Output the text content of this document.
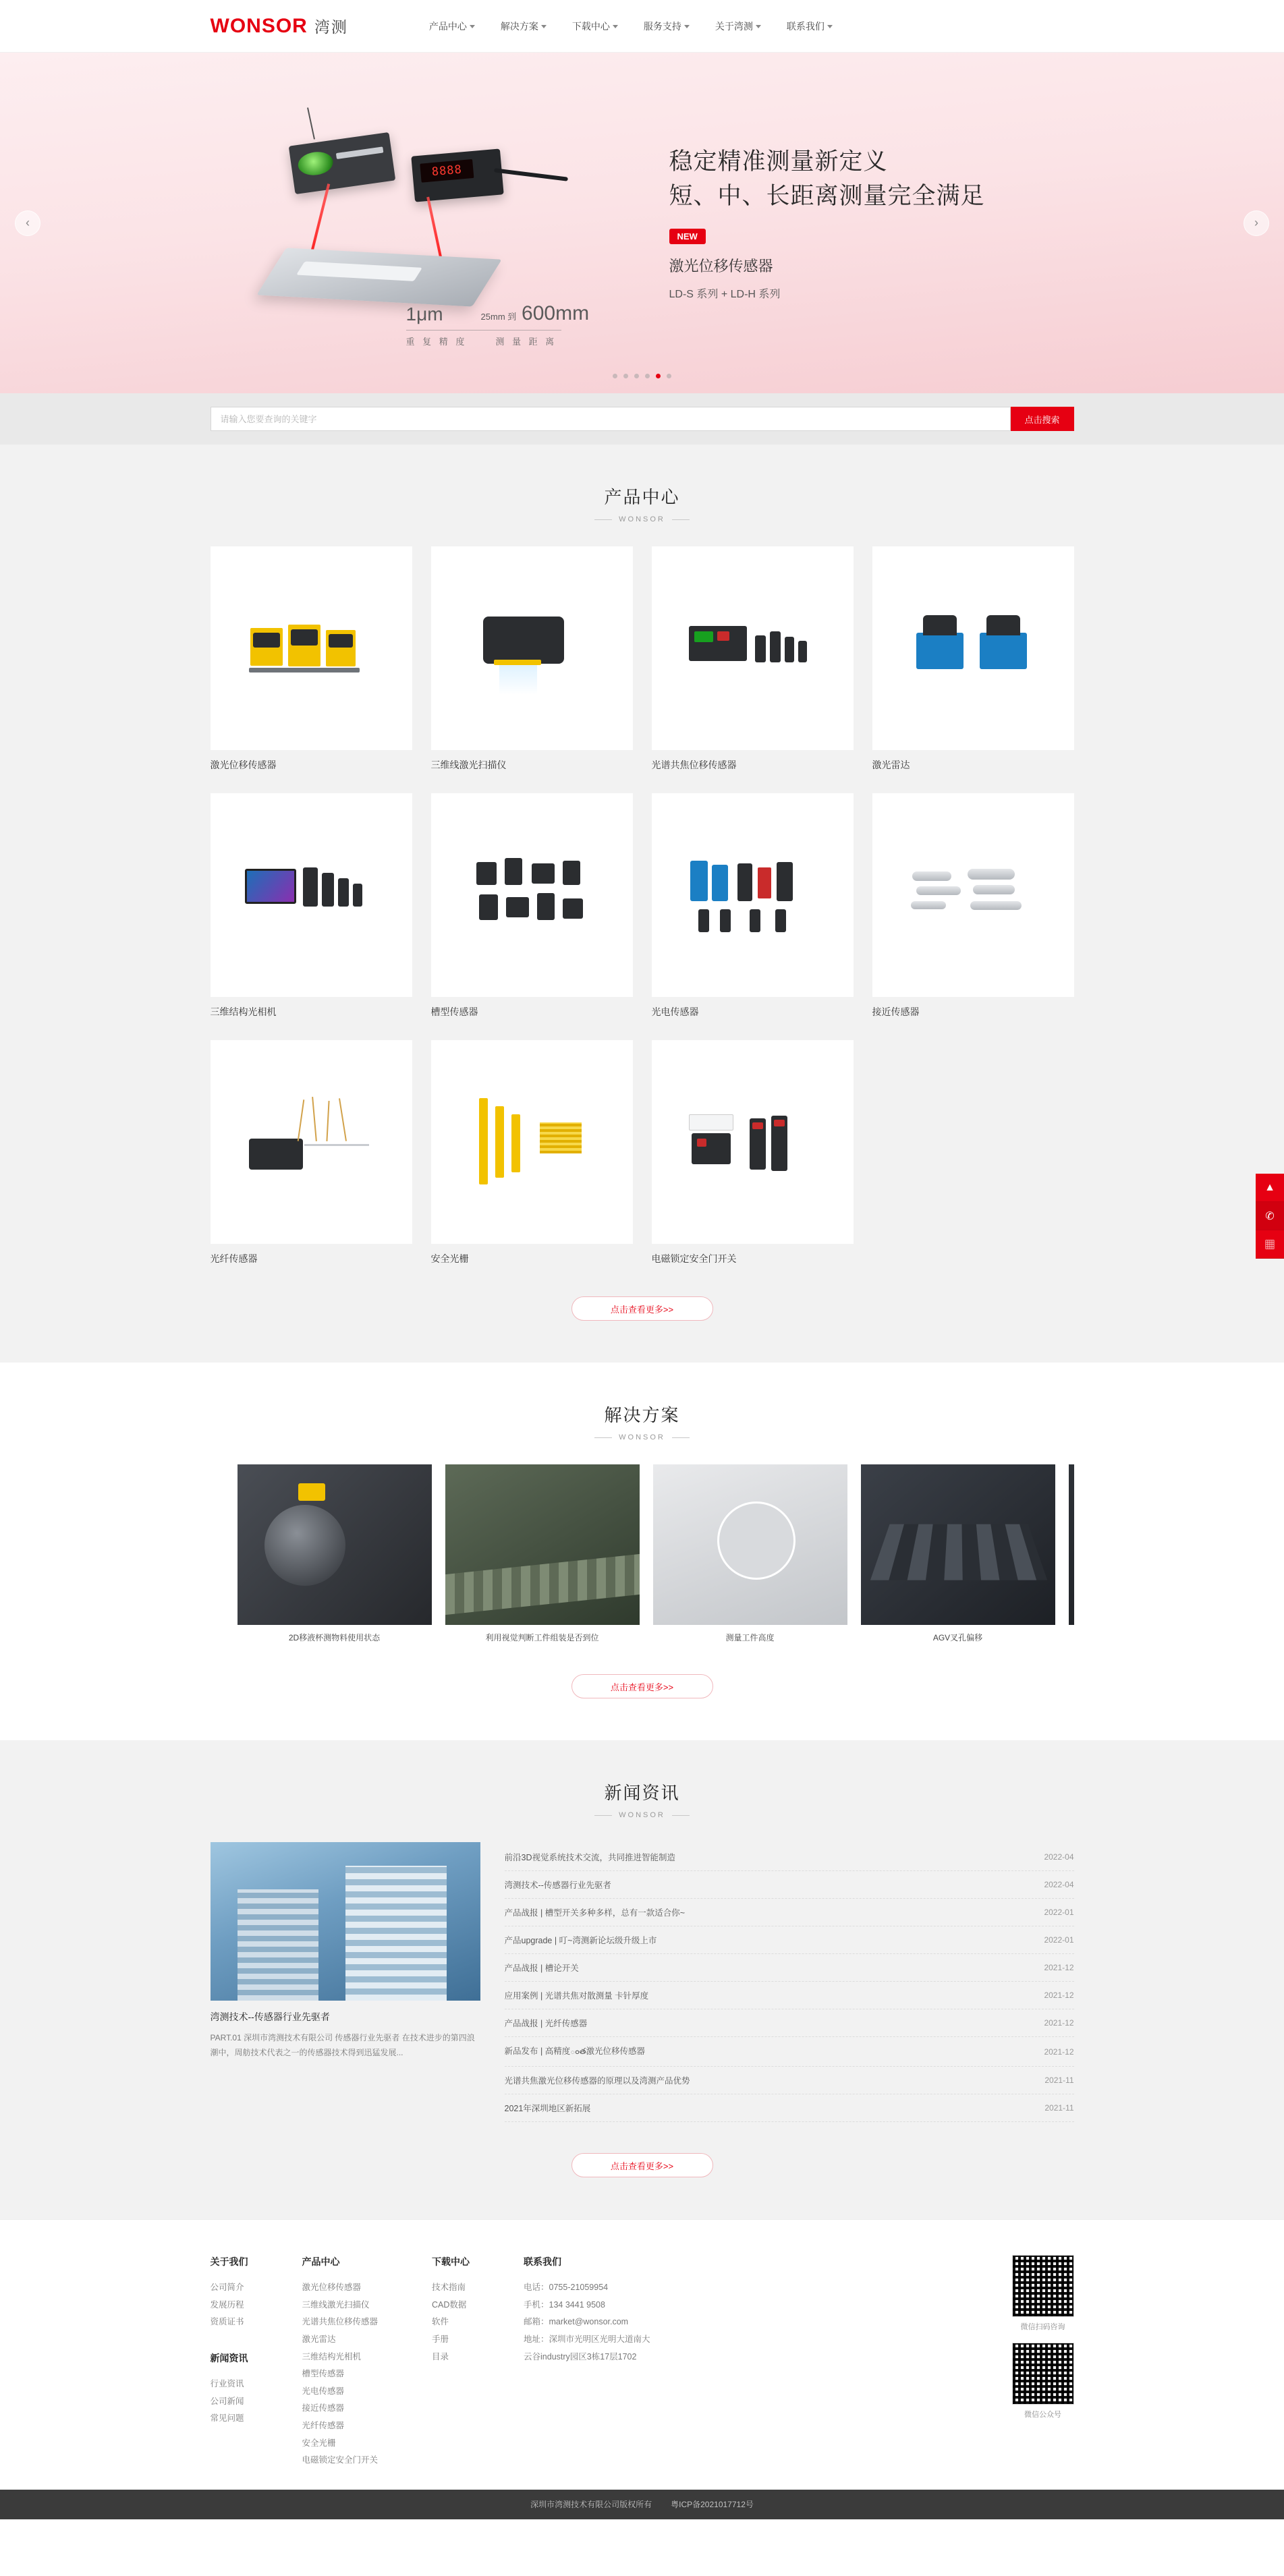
WONSOR 湾测	产品中心	解决方案	下载中心	服务支持	关于湾测	联系我们
8888
1μm	25mm 到 600mm
重 复 精 度	测 量 距 离
稳定精准测量新定义
短、中、长距离测量完全满足
NEW
激光位移传感器
LD-S 系列 + LD-H 系列
‹	›
请输入您要查询的关键字
点击搜索
产品中心
WONSOR
激光位移传感器	三维线激光扫描仪	光谱共焦位移传感器	激光雷达
三维结构光相机	槽型传感器	光电传感器	接近传感器
光纤传感器	安全光栅	电磁锁定安全门开关
点击查看更多>>
解决方案
WONSOR
2D移液杯测物料使用状态	利用视觉判断工件组装是否到位	测量工件高度	AGV叉孔偏移
点击查看更多>>
新闻资讯
WONSOR
湾测技术--传感器行业先驱者
PART.01 深圳市湾测技术有限公司 传感器行业先驱者 在技术进步的第四浪潮中，周舫技术代表之一的传感器技术得到迅猛发展...
前沿3D视觉系统技术交流，共同推进智能制造	2022-04
湾测技术--传感器行业先驱者	2022-04
产品战报 | 槽型开关多种多样，总有一款适合你~	2022-01
产品upgrade | 叮~湾测新论坛级升级上市	2022-01
产品战报 | 槽论开关	2021-12
应用案例 | 光谱共焦对散测量 卡针厚度	2021-12
产品战报 | 光纤传感器	2021-12
新品发布 | 高精度ంత激光位移传感器	2021-12
光谱共焦激光位移传感器的原理以及湾测产品优势	2021-11
2021年深圳地区新拓展	2021-11
点击查看更多>>
关于我们
公司简介
发展历程
资质证书
新闻资讯
行业资讯
公司新闻
常见问题
产品中心
激光位移传感器
三维线激光扫描仪
光谱共焦位移传感器
激光雷达
三维结构光相机
槽型传感器
光电传感器
接近传感器
光纤传感器
安全光栅
电磁锁定安全门开关
下载中心
技术指南
CAD数据
软件
手册
目录
联系我们
电话：0755-21059954
手机：134 3441 9508
邮箱：market@wonsor.com
地址：深圳市光明区光明大道南大
云谷industry园区3栋17层1702
微信扫码咨询
微信公众号
深圳市湾测技术有限公司版权所有 粤ICP备2021017712号
▲
✆
▦
